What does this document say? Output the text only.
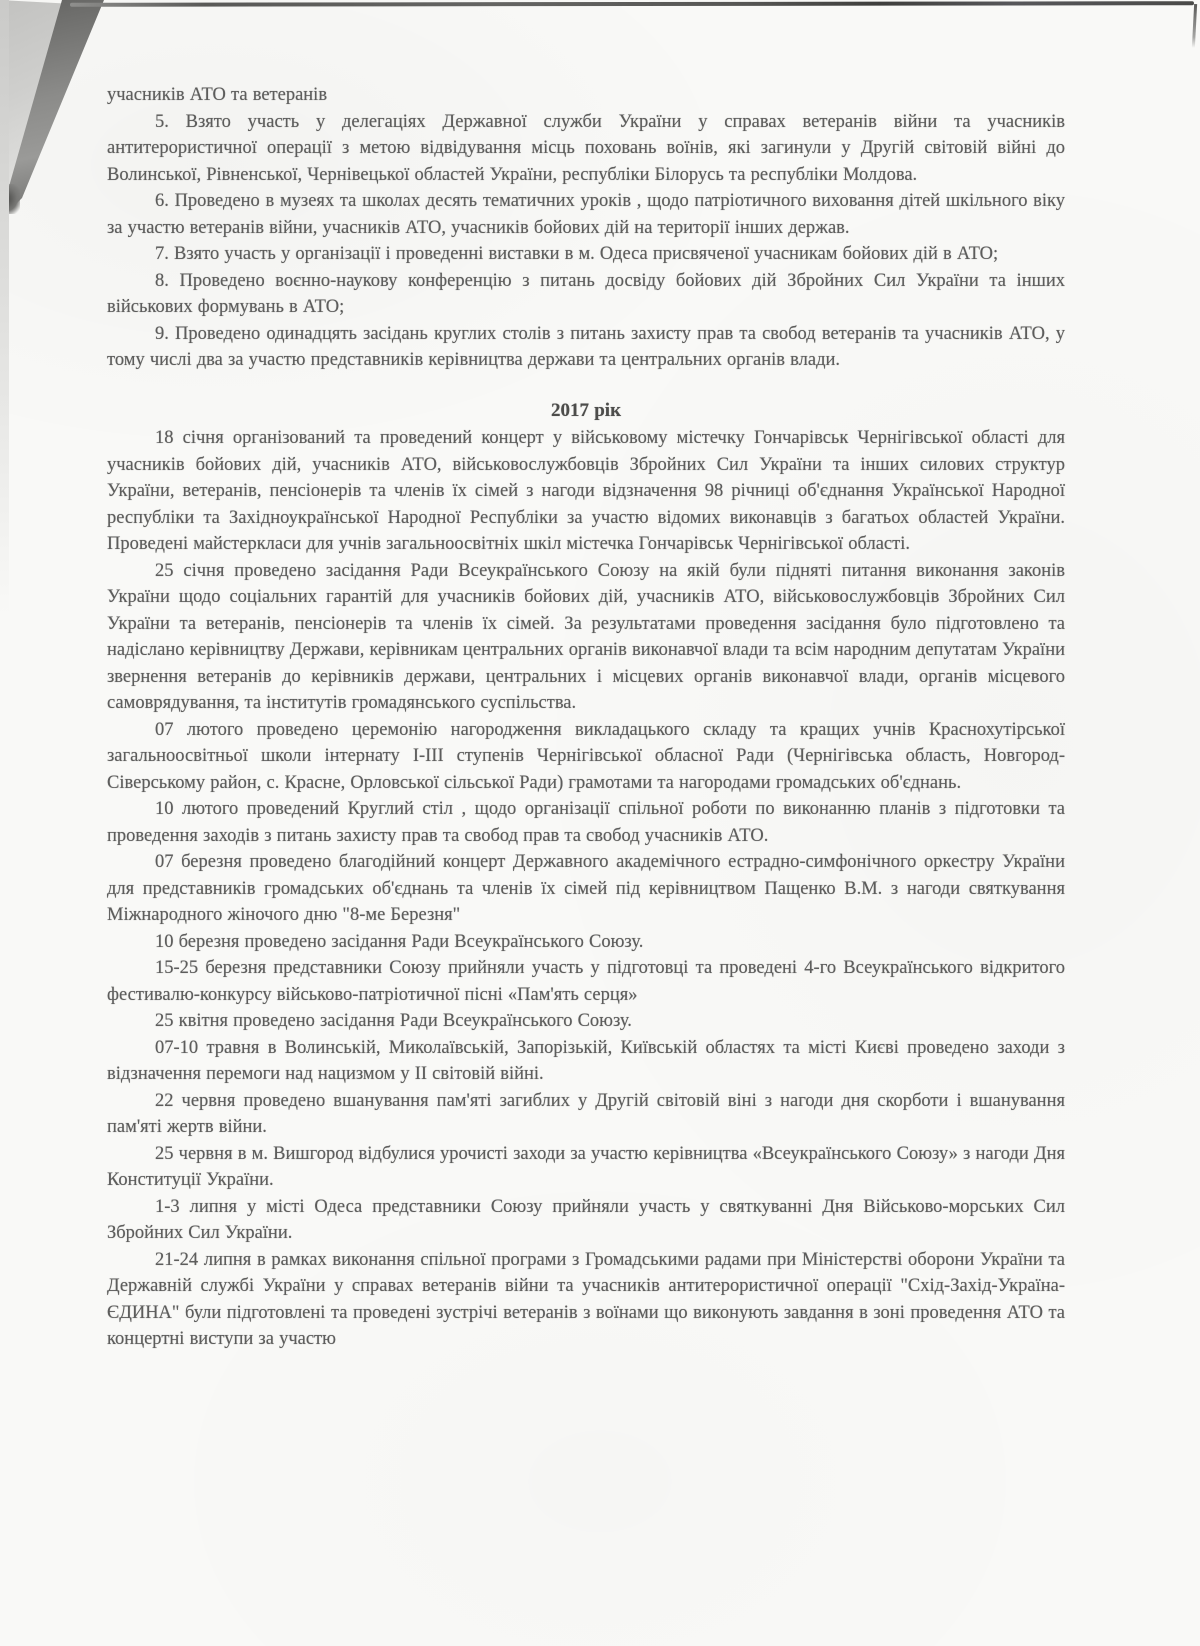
учасників АТО та ветеранів

5. Взято участь у делегаціях Державної служби України у справах ветеранів війни та учасників антитерористичної операції з метою відвідування місць поховань воїнів, які загинули у Другій світовій війні до Волинської, Рівненської, Чернівецької областей України, республіки Білорусь та республіки Молдова.

6. Проведено в музеях та школах десять тематичних уроків , щодо патріотичного виховання дітей шкільного віку за участю ветеранів війни, учасників АТО, учасників бойових дій на території інших держав.

7. Взято участь у організації і проведенні виставки в м. Одеса присвяченої учасникам бойових дій в АТО;

8. Проведено воєнно-наукову конференцію з питань досвіду бойових дій Збройних Сил України та інших військових формувань в АТО;

9. Проведено одинадцять засідань круглих столів з питань захисту прав та свобод ветеранів та учасників АТО, у тому числі два за участю представників керівництва держави та центральних органів влади.

2017 рік

18 січня організований та проведений концерт у військовому містечку Гончарівськ Чернігівської області для учасників бойових дій, учасників АТО, військовослужбовців Збройних Сил України та інших силових структур України, ветеранів, пенсіонерів та членів їх сімей з нагоди відзначення 98 річниці об'єднання Української Народної республіки та Західноукраїнської Народної Республіки за участю відомих виконавців з багатьох областей України. Проведені майстеркласи для учнів загальноосвітніх шкіл містечка Гончарівськ Чернігівської області.

25 січня проведено засідання Ради Всеукраїнського Союзу на якій були підняті питання виконання законів України щодо соціальних гарантій для учасників бойових дій, учасників АТО, військовослужбовців Збройних Сил України та ветеранів, пенсіонерів та членів їх сімей. За результатами проведення засідання було підготовлено та надіслано керівництву Держави, керівникам центральних органів виконавчої влади та всім народним депутатам України звернення ветеранів до керівників держави, центральних і місцевих органів виконавчої влади, органів місцевого самоврядування, та інститутів громадянського суспільства.

07 лютого проведено церемонію нагородження викладацького складу та кращих учнів Краснохутірської загальноосвітньої школи інтернату І-ІІІ ступенів Чернігівської обласної Ради (Чернігівська область, Новгород-Сіверському район, с. Красне, Орловської сільської Ради) грамотами та нагородами громадських об'єднань.

10 лютого проведений Круглий стіл , щодо організації спільної роботи по виконанню планів з підготовки та проведення заходів з питань захисту прав та свобод прав та свобод учасників АТО.

07 березня проведено благодійний концерт Державного академічного естрадно-симфонічного оркестру України для представників громадських об'єднань та членів їх сімей під керівництвом Пащенко В.М. з нагоди святкування Міжнародного жіночого дню "8-ме Березня"

10 березня проведено засідання Ради Всеукраїнського Союзу.

15-25 березня представники Союзу прийняли участь у підготовці та проведені 4-го Всеукраїнського відкритого фестивалю-конкурсу військово-патріотичної пісні «Пам'ять серця»

25 квітня проведено засідання Ради Всеукраїнського Союзу.

07-10 травня в Волинській, Миколаївській, Запорізькій, Київській областях та місті Києві проведено заходи з відзначення перемоги над нацизмом у ІІ світовій війні.

22 червня проведено вшанування пам'яті загиблих у Другій світовій віні з нагоди дня скорботи і вшанування пам'яті жертв війни.

25 червня в м. Вишгород відбулися урочисті заходи за участю керівництва «Всеукраїнського Союзу» з нагоди Дня Конституції України.

1-3 липня у місті Одеса представники Союзу прийняли участь у святкуванні Дня Військово-морських Сил Збройних Сил України.

21-24 липня в рамках виконання спільної програми з Громадськими радами при Міністерстві оборони України та Державній службі України у справах ветеранів війни та учасників антитерористичної операції "Схід-Захід-Україна-ЄДИНА" були підготовлені та проведені зустрічі ветеранів з воїнами що виконують завдання в зоні проведення АТО та концертні виступи за участю
